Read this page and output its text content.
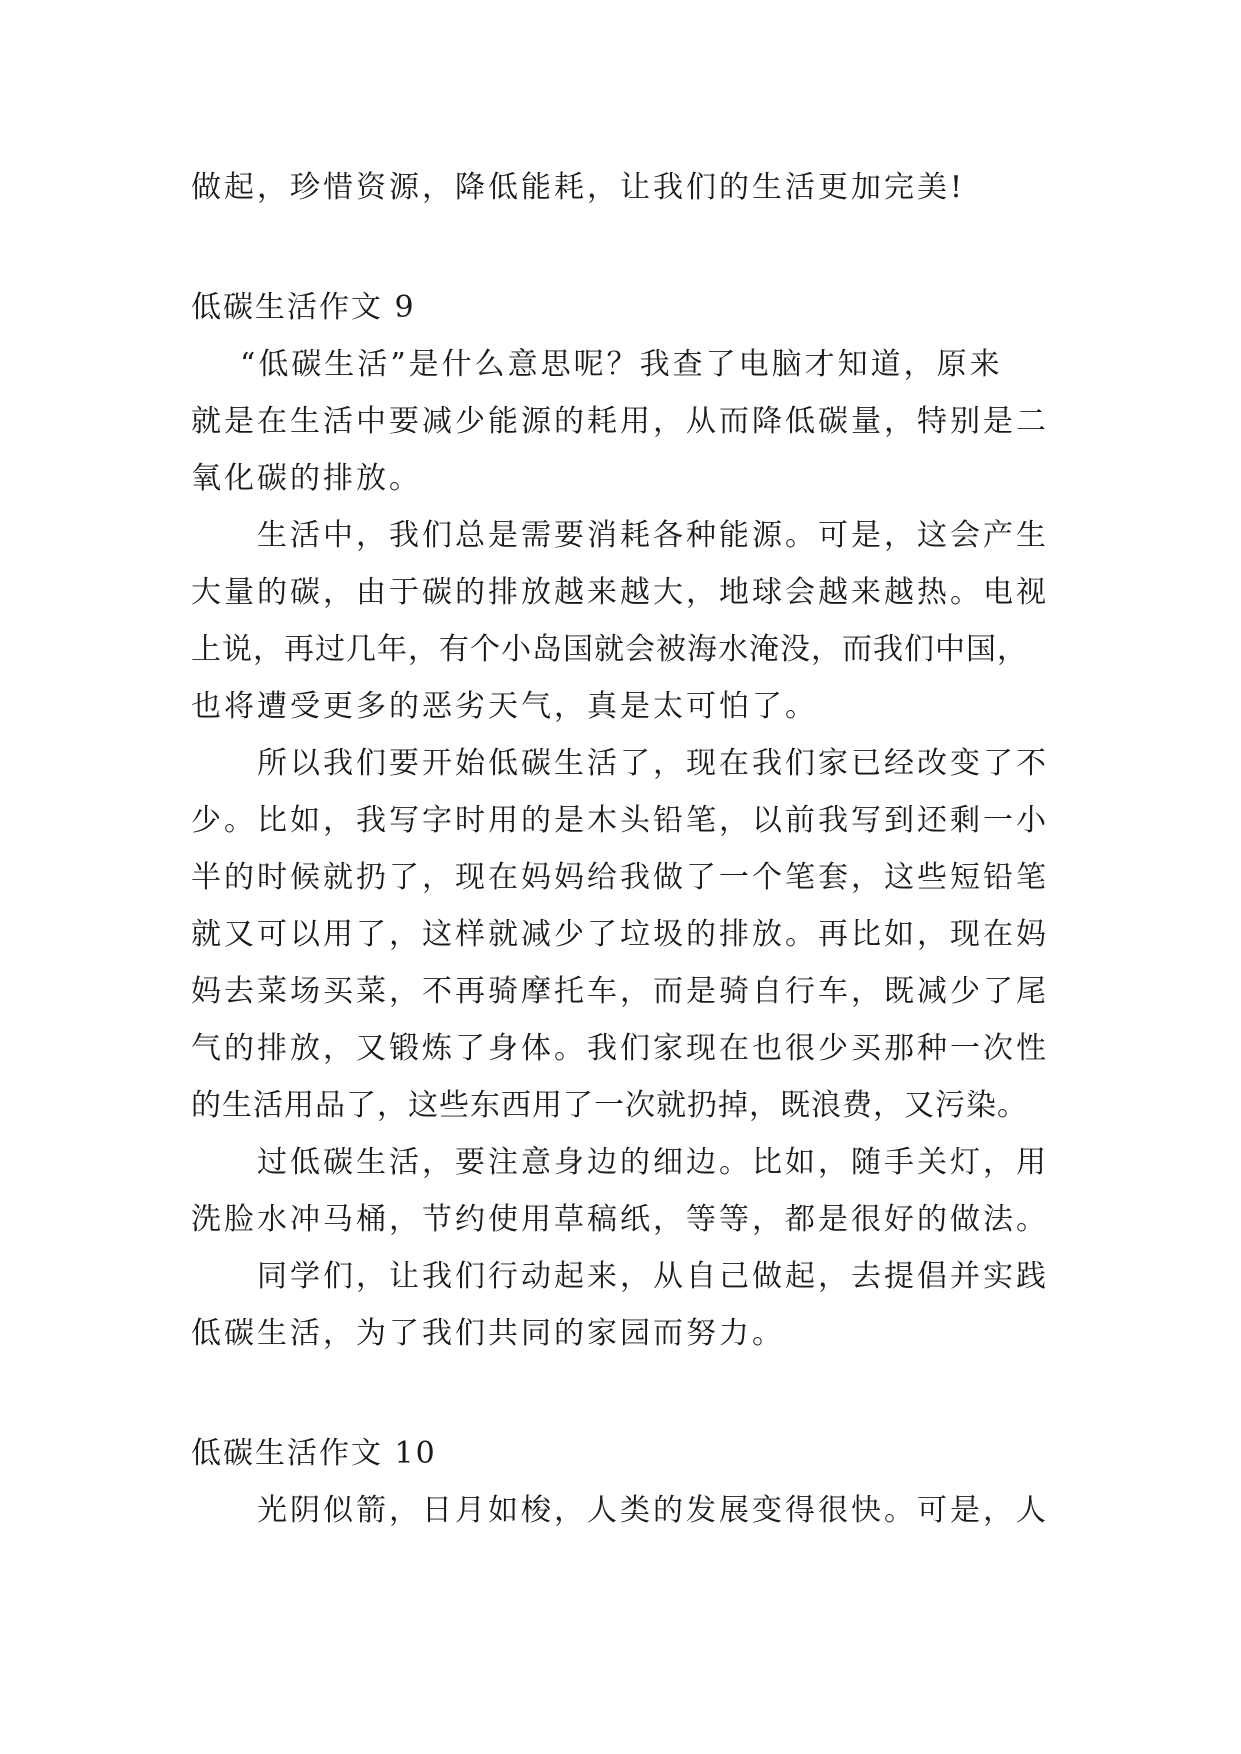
做起，珍惜资源，降低能耗，让我们的生活更加完美!
低碳生活作文 9
“低碳生活”是什么意思呢？我查了电脑才知道，原来
就是在生活中要减少能源的耗用，从而降低碳量，特别是二
氧化碳的排放。
生活中，我们总是需要消耗各种能源。可是，这会产生
大量的碳，由于碳的排放越来越大，地球会越来越热。电视
上说，再过几年，有个小岛国就会被海水淹没，而我们中国，
也将遭受更多的恶劣天气，真是太可怕了。
所以我们要开始低碳生活了，现在我们家已经改变了不
少。比如，我写字时用的是木头铅笔，以前我写到还剩一小
半的时候就扔了，现在妈妈给我做了一个笔套，这些短铅笔
就又可以用了，这样就减少了垃圾的排放。再比如，现在妈
妈去菜场买菜，不再骑摩托车，而是骑自行车，既减少了尾
气的排放，又锻炼了身体。我们家现在也很少买那种一次性
的生活用品了，这些东西用了一次就扔掉，既浪费，又污染。
过低碳生活，要注意身边的细边。比如，随手关灯，用
洗脸水冲马桶，节约使用草稿纸，等等，都是很好的做法。
同学们，让我们行动起来，从自己做起，去提倡并实践
低碳生活，为了我们共同的家园而努力。
低碳生活作文 10
光阴似箭，日月如梭，人类的发展变得很快。可是，人
